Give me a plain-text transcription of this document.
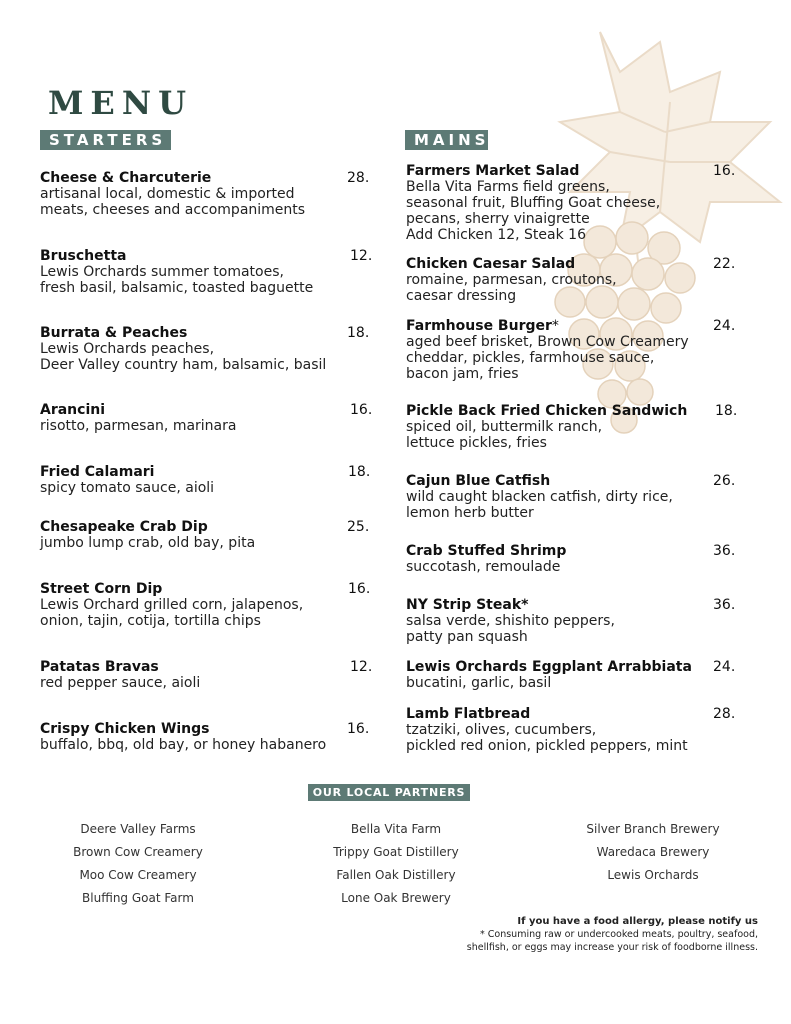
MENU
STARTERS	MAINS
Cheese & Charcuterie	28.
artisanal local, domestic & imported
meats, cheeses and accompaniments
Bruschetta	12.
Lewis Orchards summer tomatoes,
fresh basil, balsamic, toasted baguette
Burrata & Peaches	18.
Lewis Orchards peaches,
Deer Valley country ham, balsamic, basil
Arancini	16.
risotto, parmesan, marinara
Fried Calamari	18.
spicy tomato sauce, aioli
Chesapeake Crab Dip	25.
jumbo lump crab, old bay, pita
Street Corn Dip	16.
Lewis Orchard grilled corn, jalapenos,
onion, tajin, cotija, tortilla chips
Patatas Bravas	12.
red pepper sauce, aioli
Crispy Chicken Wings	16.
buffalo, bbq, old bay, or honey habanero
Farmers Market Salad	16.
Bella Vita Farms field greens,
seasonal fruit, Bluffing Goat cheese,
pecans, sherry vinaigrette
Add Chicken 12, Steak 16
Chicken Caesar Salad	22.
romaine, parmesan, croutons,
caesar dressing
Farmhouse Burger*	24.
aged beef brisket, Brown Cow Creamery
cheddar, pickles, farmhouse sauce,
bacon jam, fries
Pickle Back Fried Chicken Sandwich	18.
spiced oil, buttermilk ranch,
lettuce pickles, fries
Cajun Blue Catfish	26.
wild caught blacken catfish, dirty rice,
lemon herb butter
Crab Stuffed Shrimp	36.
succotash, remoulade
NY Strip Steak*	36.
salsa verde, shishito peppers,
patty pan squash
Lewis Orchards Eggplant Arrabbiata	24.
bucatini, garlic, basil
Lamb Flatbread	28.
tzatziki, olives, cucumbers,
pickled red onion, pickled peppers, mint
OUR LOCAL PARTNERS
Deere Valley Farms
Brown Cow Creamery
Moo Cow Creamery
Bluffing Goat Farm
Bella Vita Farm
Trippy Goat Distillery
Fallen Oak Distillery
Lone Oak Brewery
Silver Branch Brewery
Waredaca Brewery
Lewis Orchards
If you have a food allergy, please notify us
* Consuming raw or undercooked meats, poultry, seafood,
shellfish, or eggs may increase your risk of foodborne illness.
